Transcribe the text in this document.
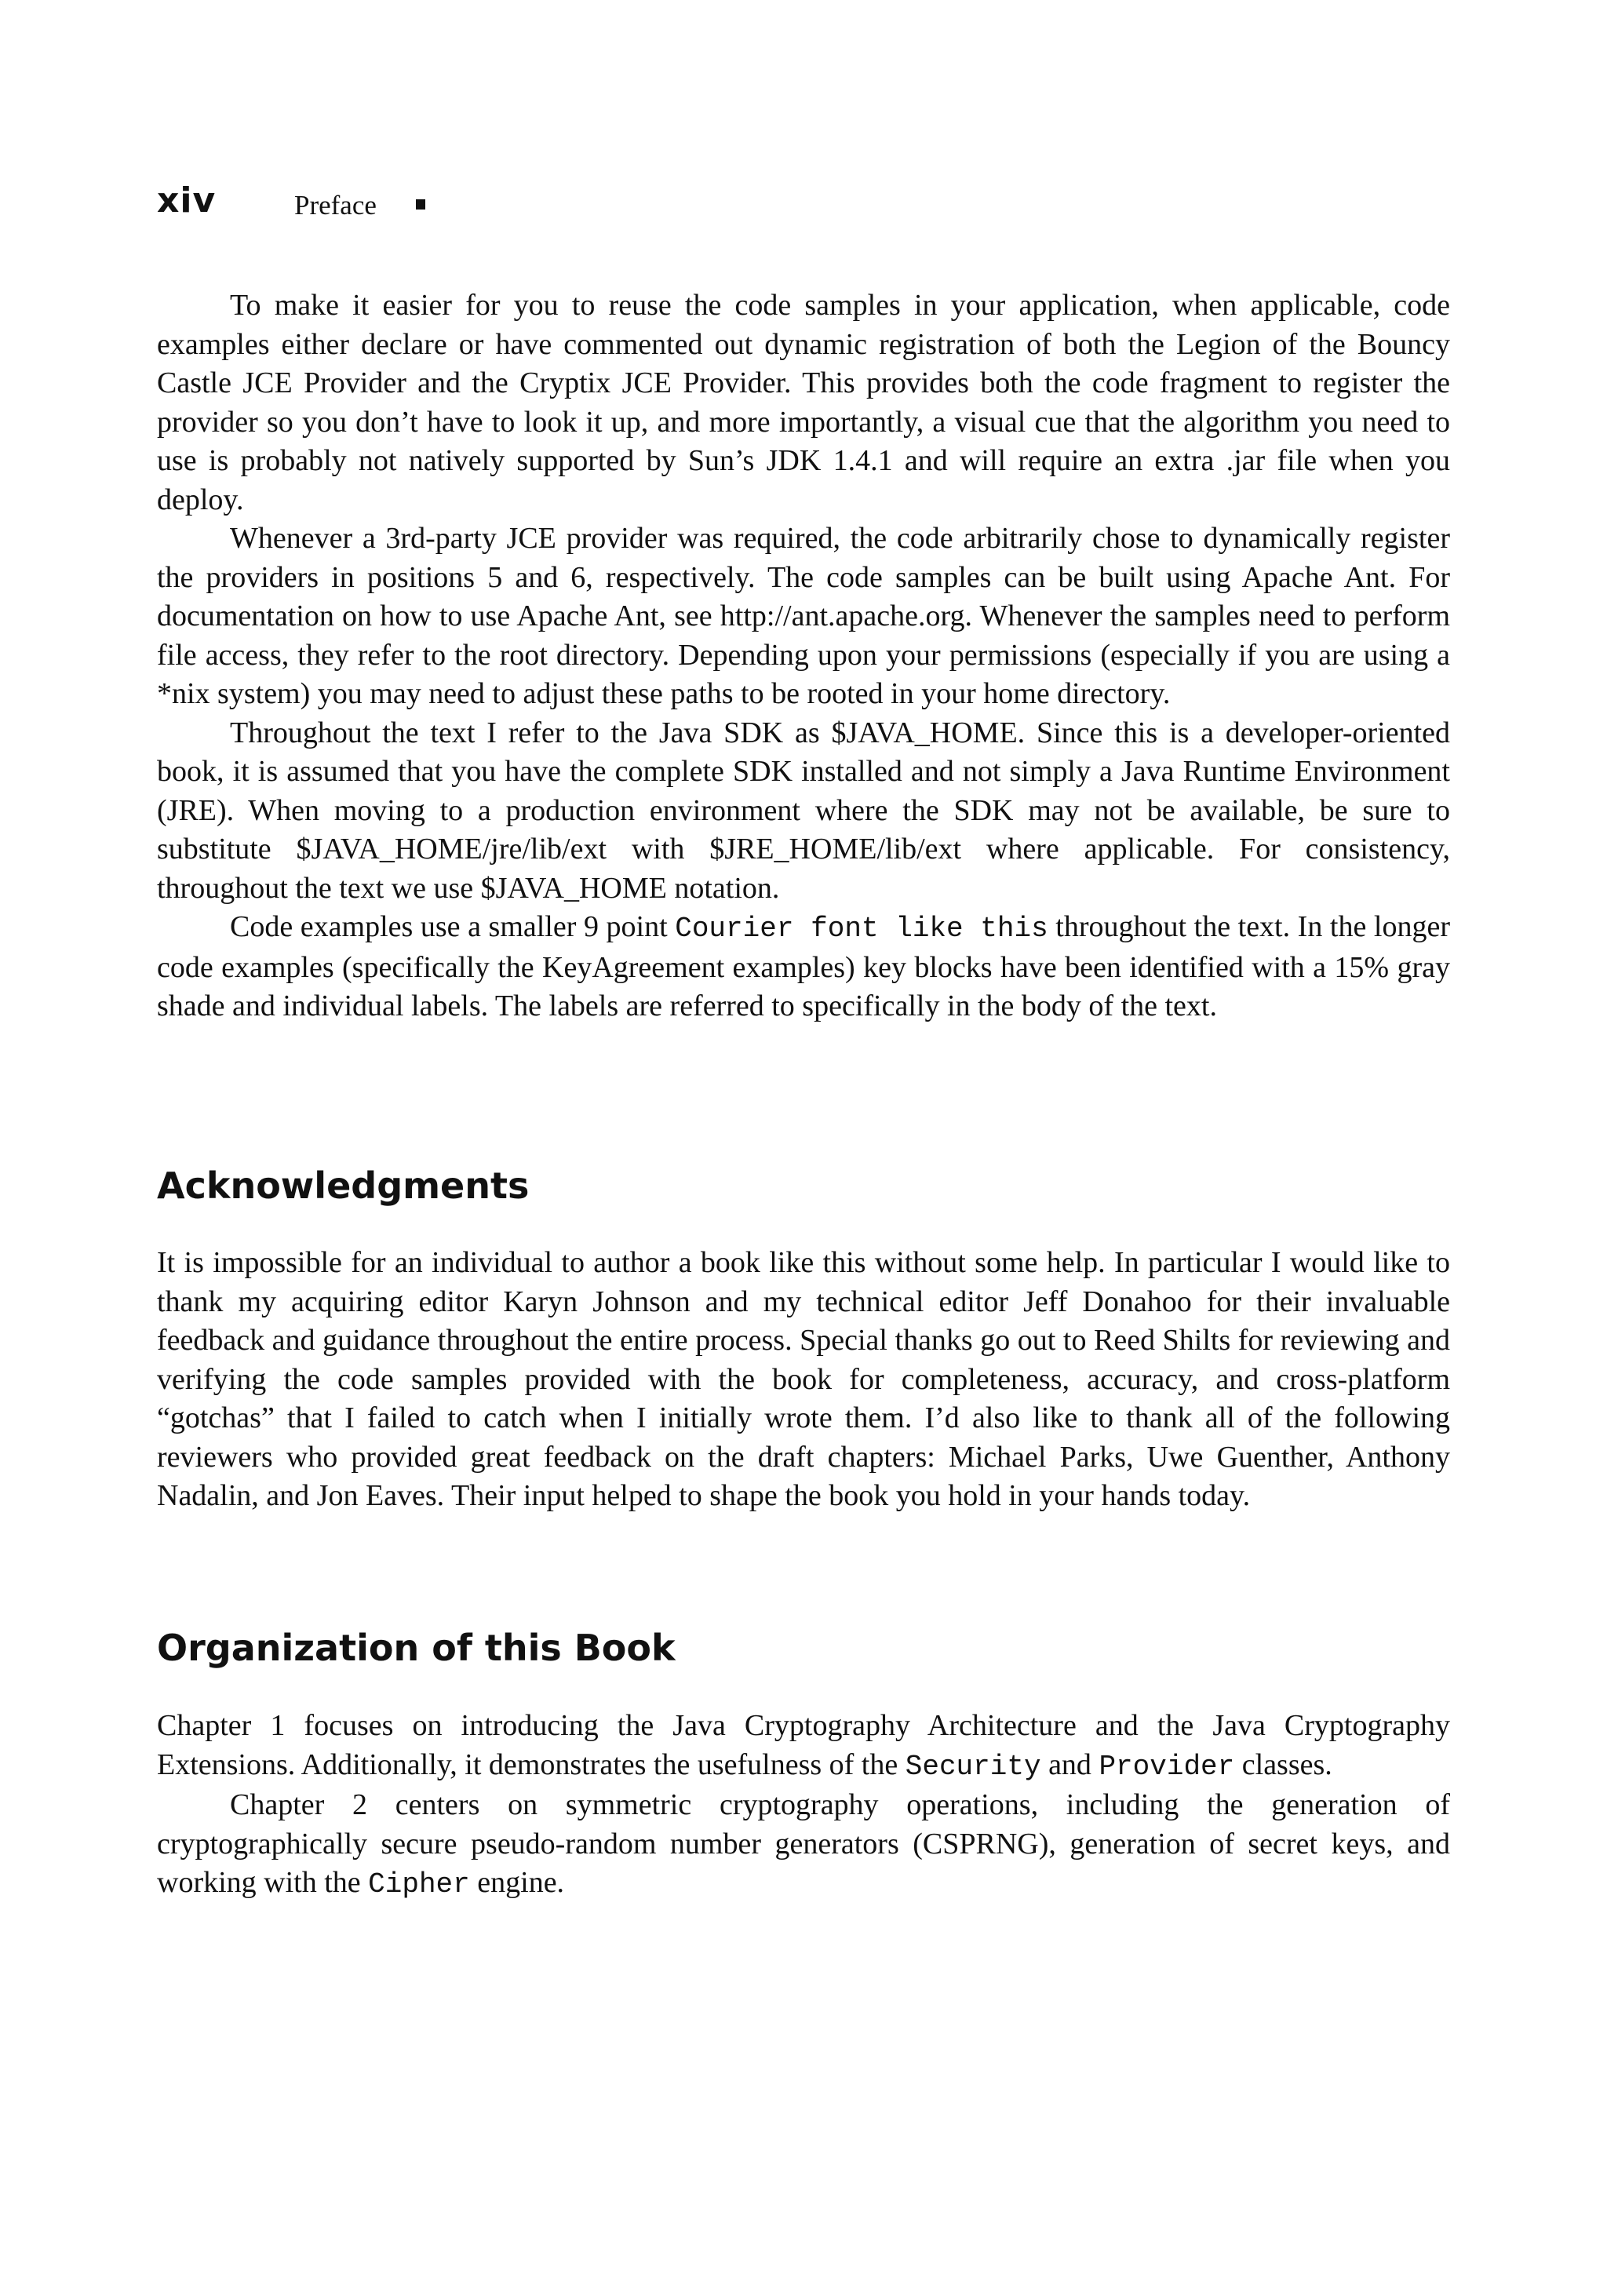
xiv	Preface

To make it easier for you to reuse the code samples in your application, when applicable, code examples either declare or have commented out dynamic registration of both the Legion of the Bouncy Castle JCE Provider and the Cryptix JCE Provider. This provides both the code fragment to register the provider so you don’t have to look it up, and more importantly, a visual cue that the algorithm you need to use is probably not natively supported by Sun’s JDK 1.4.1 and will require an extra .jar file when you deploy.

Whenever a 3rd-party JCE provider was required, the code arbitrarily chose to dynamically register the providers in positions 5 and 6, respectively. The code samples can be built using Apache Ant. For documentation on how to use Apache Ant, see http://ant.apache.org. Whenever the samples need to perform file access, they refer to the root directory. Depending upon your permissions (especially if you are using a *nix system) you may need to adjust these paths to be rooted in your home directory.

Throughout the text I refer to the Java SDK as $JAVA_HOME. Since this is a developer-oriented book, it is assumed that you have the complete SDK installed and not simply a Java Runtime Environment (JRE). When moving to a production environment where the SDK may not be available, be sure to substitute $JAVA_HOME/jre/lib/ext with $JRE_HOME/lib/ext where applicable. For consistency, throughout the text we use $JAVA_HOME notation.

Code examples use a smaller 9 point Courier font like this throughout the text. In the longer code examples (specifically the KeyAgreement examples) key blocks have been identified with a 15% gray shade and individual labels. The labels are referred to specifically in the body of the text.

Acknowledgments

It is impossible for an individual to author a book like this without some help. In particular I would like to thank my acquiring editor Karyn Johnson and my technical editor Jeff Donahoo for their invaluable feedback and guidance throughout the entire process. Special thanks go out to Reed Shilts for reviewing and verifying the code samples provided with the book for completeness, accuracy, and cross-platform “gotchas” that I failed to catch when I initially wrote them. I’d also like to thank all of the following reviewers who provided great feedback on the draft chapters: Michael Parks, Uwe Guenther, Anthony Nadalin, and Jon Eaves. Their input helped to shape the book you hold in your hands today.

Organization of this Book

Chapter 1 focuses on introducing the Java Cryptography Architecture and the Java Cryptography Extensions. Additionally, it demonstrates the usefulness of the Security and Provider classes.

Chapter 2 centers on symmetric cryptography operations, including the generation of cryptographically secure pseudo-random number generators (CSPRNG), generation of secret keys, and working with the Cipher engine.
